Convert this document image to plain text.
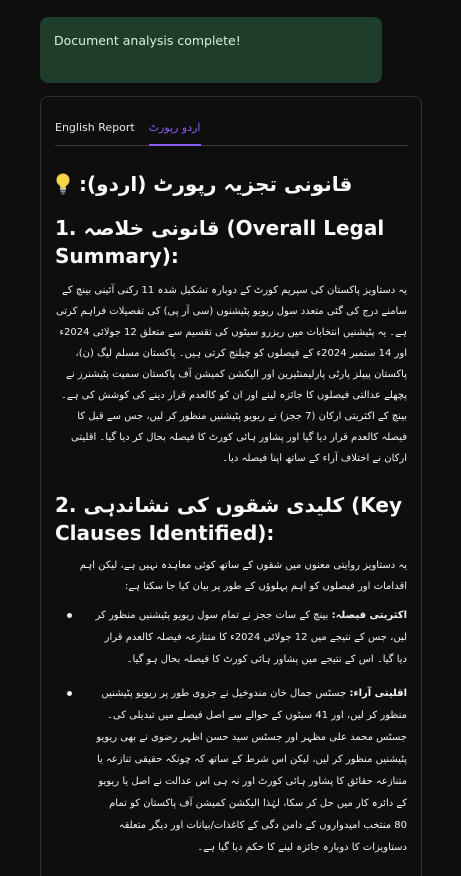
Document analysis complete!
English Report اردو رپورٹ
قانونی تجزیہ رپورٹ (اردو):
1. قانونی خلاصہ (Overall Legal Summary):

یہ دستاویز پاکستان کی سپریم کورٹ کے دوبارہ تشکیل شدہ 11 رکنی آئینی بینچ کے سامنے درج کی گئی متعدد سول ریویو پٹیشنوں (سی آر پی) کی تفصیلات فراہم کرتی ہے۔ یہ پٹیشنیں انتخابات میں ریزرو سیٹوں کی تقسیم سے متعلق 12 جولائی 2024ء اور 14 ستمبر 2024ء کے فیصلوں کو چیلنج کرتی ہیں۔ پاکستان مسلم لیگ (ن)، پاکستان پیپلز پارٹی پارلیمنٹیرین اور الیکشن کمیشن آف پاکستان سمیت پٹیشنرز نے پچھلے عدالتی فیصلوں کا جائزہ لینے اور ان کو کالعدم قرار دینے کی کوشش کی ہے۔ بینچ کے اکثریتی ارکان (7 ججز) نے ریویو پٹیشنیں منظور کر لیں، جس سے قبل کا فیصلہ کالعدم قرار دیا گیا اور پشاور ہائی کورٹ کا فیصلہ بحال کر دیا گیا۔ اقلیتی ارکان نے اختلاف آراء کے ساتھ اپنا فیصلہ دیا۔

2. کلیدی شقوں کی نشاندہی (Key Clauses Identified):

یہ دستاویز روایتی معنوں میں شقوں کے ساتھ کوئی معاہدہ نہیں ہے، لیکن اہم اقدامات اور فیصلوں کو اہم پہلوؤں کے طور پر بیان کیا جا سکتا ہے:

اکثریتی فیصلہ: بینچ کے سات ججز نے تمام سول ریویو پٹیشنیں منظور کر لیں، جس کے نتیجے میں 12 جولائی 2024ء کا متنازعہ فیصلہ کالعدم قرار دیا گیا۔ اس کے نتیجے میں پشاور ہائی کورٹ کا فیصلہ بحال ہو گیا۔
اقلیتی آراء: جسٹس جمال خان مندوخیل نے جزوی طور پر ریویو پٹیشنیں منظور کر لیں، اور 41 سیٹوں کے حوالے سے اصل فیصلے میں تبدیلی کی۔ جسٹس محمد علی مظہر اور جسٹس سید حسن اظہر رضوی نے بھی ریویو پٹیشنیں منظور کر لیں، لیکن اس شرط کے ساتھ کہ چونکہ حقیقی تنازعہ یا متنازعہ حقائق کا پشاور ہائی کورٹ اور نہ ہی اس عدالت نے اصل یا ریویو کے دائرہ کار میں حل کر سکا، لہٰذا الیکشن کمیشن آف پاکستان کو تمام 80 منتخب امیدواروں کے دامن دگی کے کاغذات/بیانات اور دیگر متعلقہ دستاویزات کا دوبارہ جائزہ لینے کا حکم دیا گیا ہے۔
